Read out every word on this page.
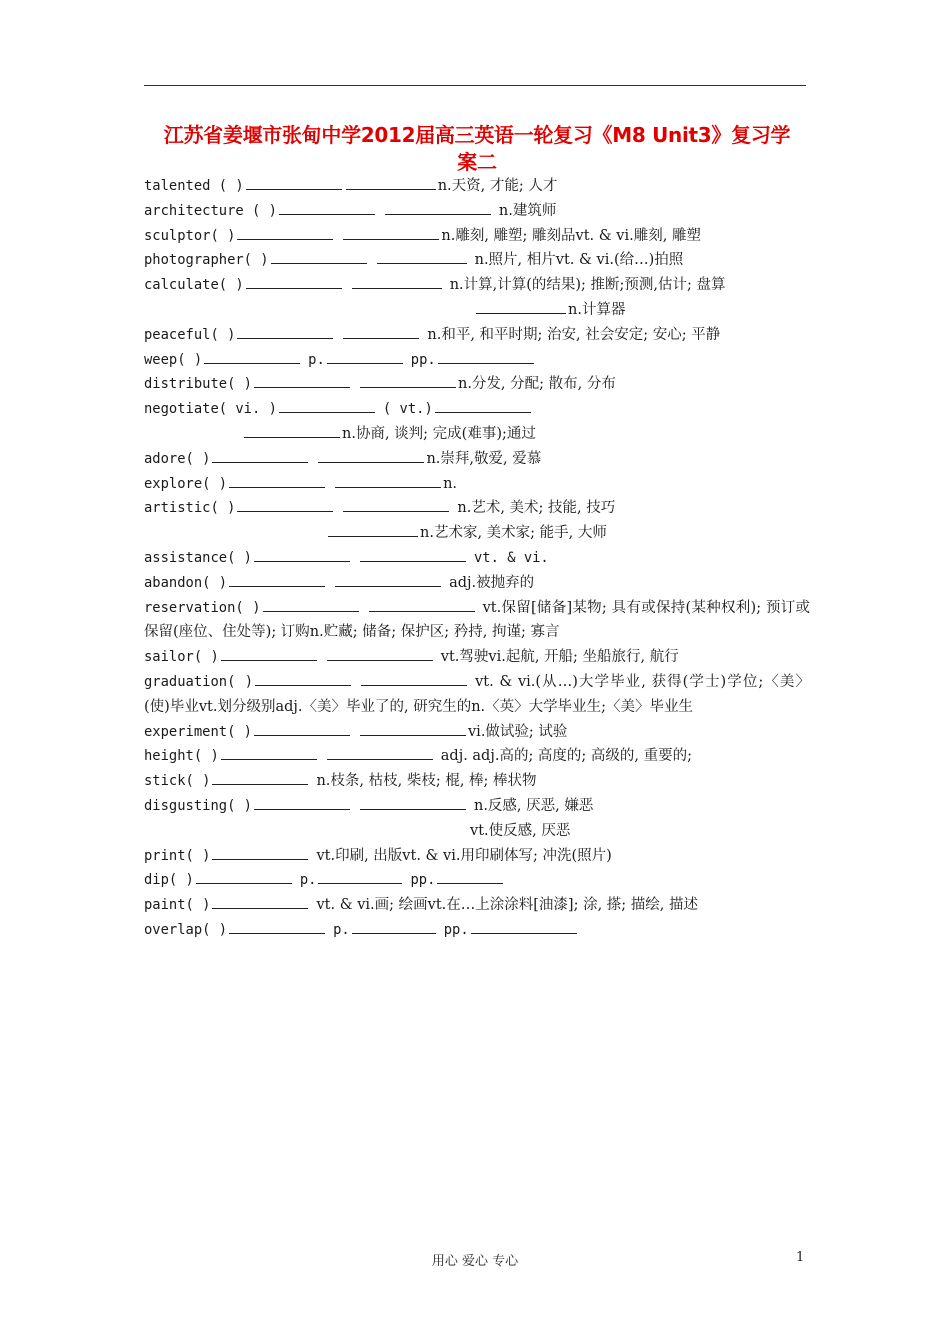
江苏省姜堰市张甸中学2012届高三英语一轮复习《M8 Unit3》复习学
案二
talented ( )	n.天资, 才能; 人才
architecture ( )	n.建筑师
sculptor( )	n.雕刻, 雕塑; 雕刻品vt. & vi.雕刻, 雕塑
photographer( )	n.照片, 相片vt. & vi.(给…)拍照
calculate( )	n.计算,计算(的结果); 推断;预测,估计; 盘算
n.计算器
peaceful( )	n.和平, 和平时期; 治安, 社会安定; 安心; 平静
weep( )	p.	pp.
distribute( )	n.分发, 分配; 散布, 分布
negotiate( vi. )	( vt.)
n.协商, 谈判; 完成(难事);通过
adore( )	n.崇拜,敬爱, 爱慕
explore( )	n.
artistic( )	n.艺术, 美术; 技能, 技巧
n.艺术家, 美术家; 能手, 大师
assistance( )	vt. & vi.
abandon( )	adj.被抛弃的
reservation( )	vt.保留[储备]某物; 具有或保持(某种权利); 预订或保留(座位、住处等); 订购n.贮藏; 储备; 保护区; 矜持, 拘谨; 寡言
sailor( )	vt.驾驶vi.起航, 开船; 坐船旅行, 航行
graduation( )	vt. & vi.(从…)大学毕业, 获得(学士)学位;〈美〉(使)毕业vt.划分级别adj.〈美〉毕业了的, 研究生的n.〈英〉大学毕业生;〈美〉毕业生
experiment( )	vi.做试验; 试验
height( )	adj. adj.高的; 高度的; 高级的, 重要的;
stick( )	n.枝条, 枯枝, 柴枝; 棍, 棒; 棒状物
disgusting( )	n.反感, 厌恶, 嫌恶
vt.使反感, 厌恶
print( )	vt.印刷, 出版vt. & vi.用印刷体写; 冲洗(照片)
dip( )	p.	pp.
paint( )	vt. & vi.画; 绘画vt.在…上涂涂料[油漆]; 涂, 搽; 描绘, 描述
overlap( )	p.	pp.
用心 爱心 专心	1
